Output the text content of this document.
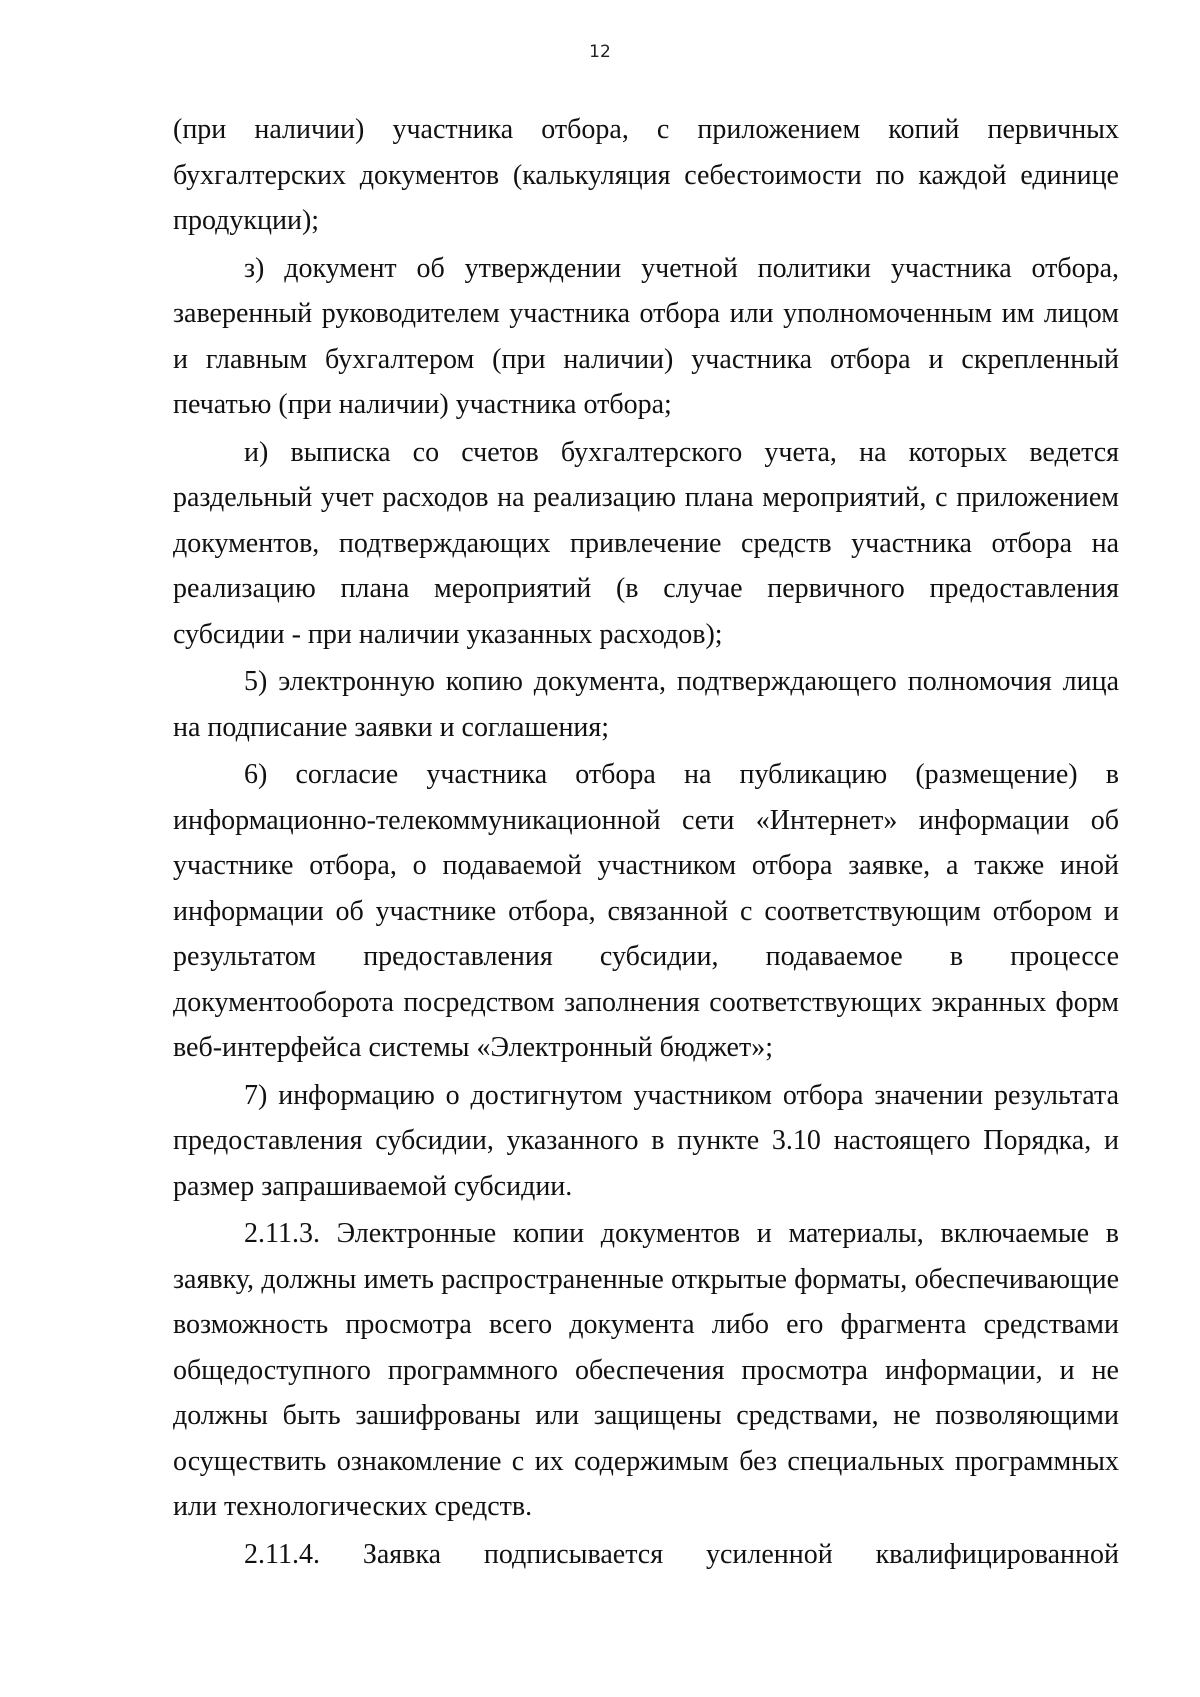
12

(при наличии) участника отбора, с приложением копий первичных бухгалтерских документов (калькуляция себестоимости по каждой единице продукции);

з) документ об утверждении учетной политики участника отбора, заверенный руководителем участника отбора или уполномоченным им лицом и главным бухгалтером (при наличии) участника отбора и скрепленный печатью (при наличии) участника отбора;

и) выписка со счетов бухгалтерского учета, на которых ведется раздельный учет расходов на реализацию плана мероприятий, с приложением документов, подтверждающих привлечение средств участника отбора на реализацию плана мероприятий (в случае первичного предоставления субсидии - при наличии указанных расходов);

5) электронную копию документа, подтверждающего полномочия лица на подписание заявки и соглашения;

6) согласие участника отбора на публикацию (размещение) в информационно-телекоммуникационной сети «Интернет» информации об участнике отбора, о подаваемой участником отбора заявке, а также иной информации об участнике отбора, связанной с соответствующим отбором и результатом предоставления субсидии, подаваемое в процессе документооборота посредством заполнения соответствующих экранных форм веб-интерфейса системы «Электронный бюджет»;

7) информацию о достигнутом участником отбора значении результата предоставления субсидии, указанного в пункте 3.10 настоящего Порядка, и размер запрашиваемой субсидии.

2.11.3. Электронные копии документов и материалы, включаемые в заявку, должны иметь распространенные открытые форматы, обеспечивающие возможность просмотра всего документа либо его фрагмента средствами общедоступного программного обеспечения просмотра информации, и не должны быть зашифрованы или защищены средствами, не позволяющими осуществить ознакомление с их содержимым без специальных программных или технологических средств.

2.11.4. Заявка подписывается усиленной квалифицированной
